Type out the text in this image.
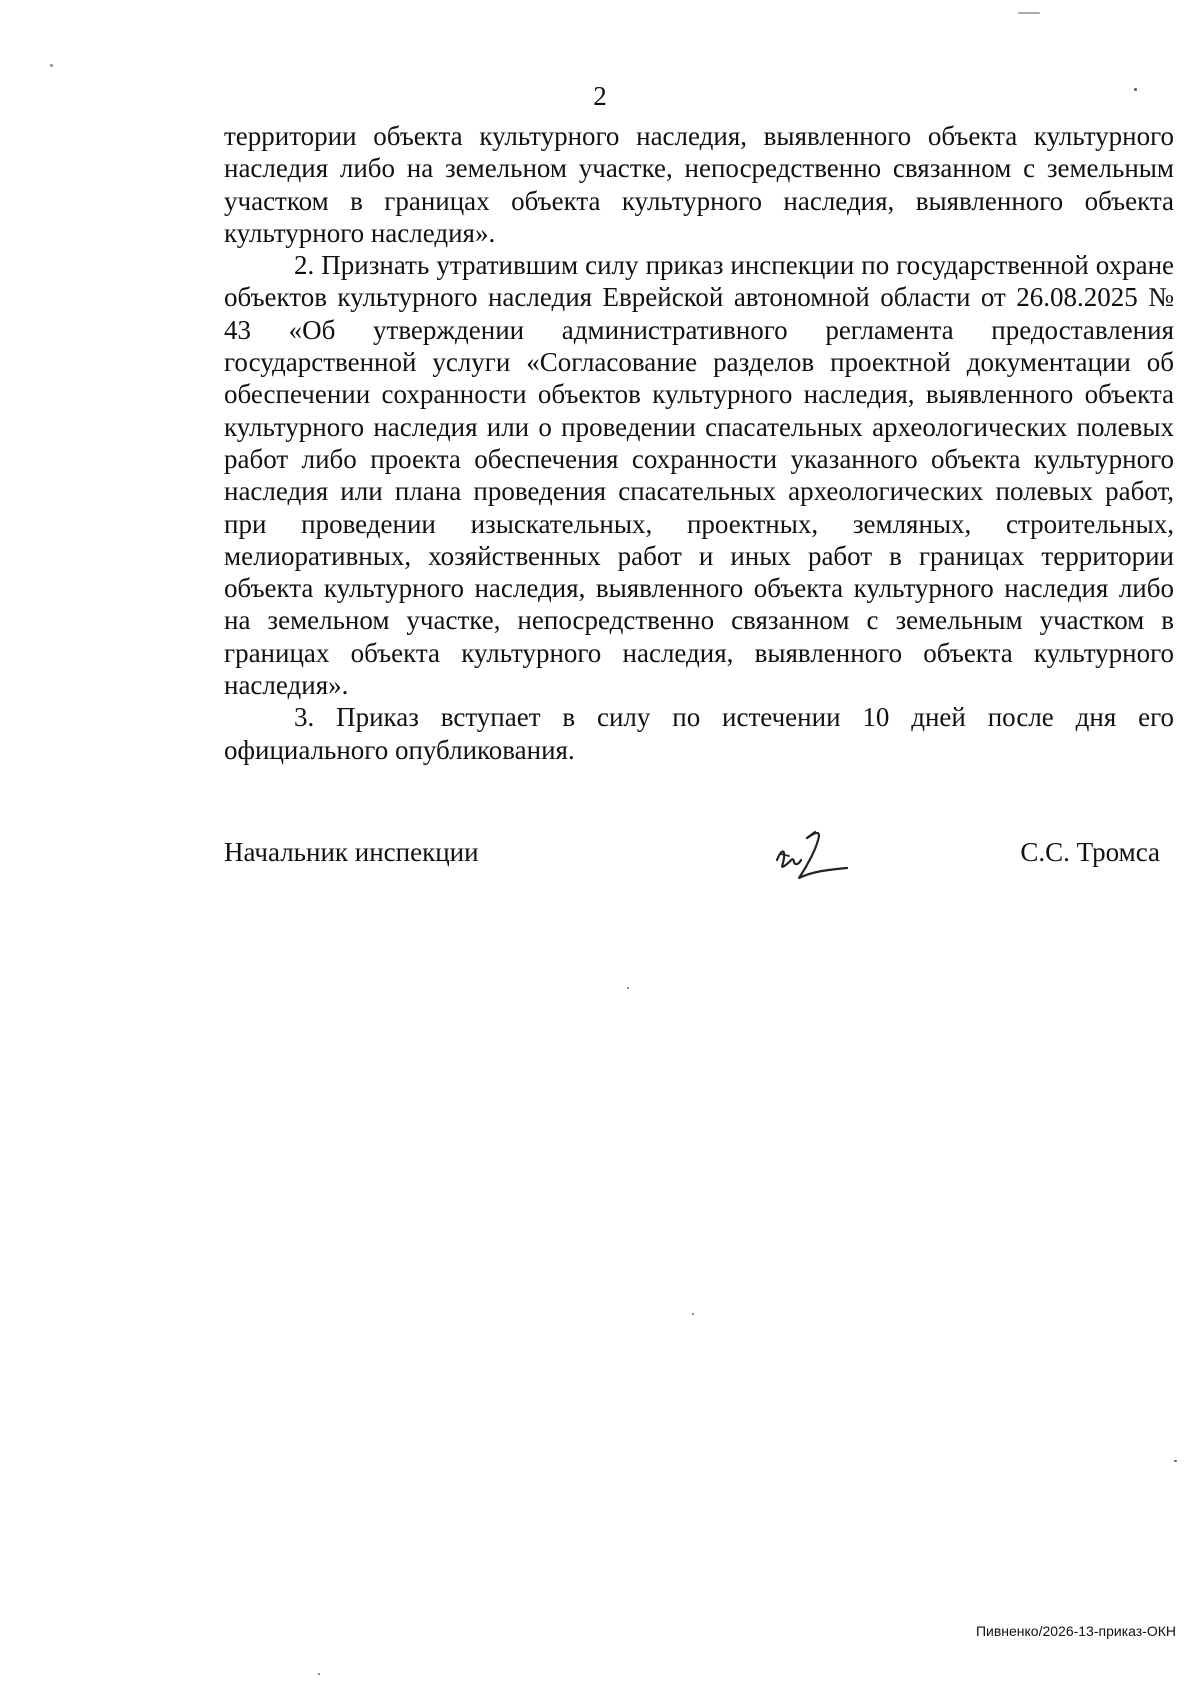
2

территории объекта культурного наследия, выявленного объекта культурного наследия либо на земельном участке, непосредственно связанном с земельным участком в границах объекта культурного наследия, выявленного объекта культурного наследия».

2. Признать утратившим силу приказ инспекции по государственной охране объектов культурного наследия Еврейской автономной области от 26.08.2025 № 43 «Об утверждении административного регламента предоставления государственной услуги «Согласование разделов проектной документации об обеспечении сохранности объектов культурного наследия, выявленного объекта культурного наследия или о проведении спасательных археологических полевых работ либо проекта обеспечения сохранности указанного объекта культурного наследия или плана проведения спасательных археологических полевых работ, при проведении изыскательных, проектных, земляных, строительных, мелиоративных, хозяйственных работ и иных работ в границах территории объекта культурного наследия, выявленного объекта культурного наследия либо на земельном участке, непосредственно связанном с земельным участком в границах объекта культурного наследия, выявленного объекта культурного наследия».

3. Приказ вступает в силу по истечении 10 дней после дня его официального опубликования.

Начальник инспекции	С.С. Тромса
Пивненко/2026-13-приказ-ОКН
